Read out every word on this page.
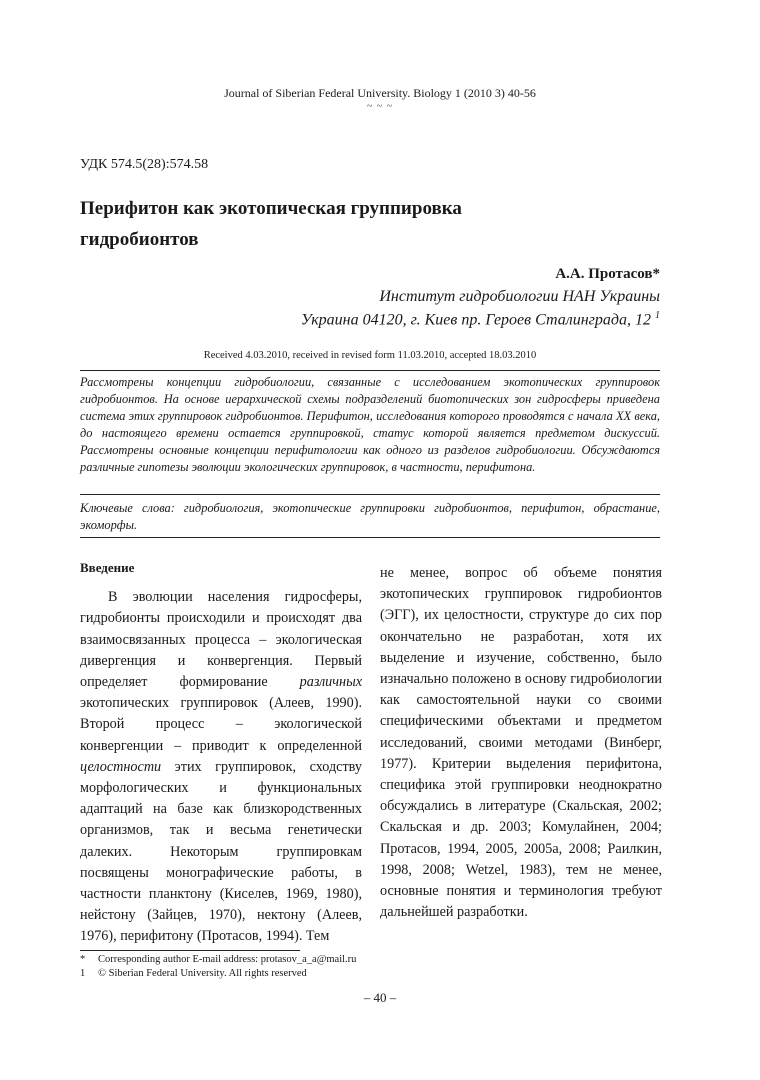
Journal of Siberian Federal University. Biology 1 (2010 3) 40-56
~ ~ ~
УДК 574.5(28):574.58
Перифитон как экотопическая группировка
гидробионтов
А.А. Протасов*
Институт гидробиологии НАН Украины
Украина 04120, г. Киев пр. Героев Сталинграда, 12 $^1$
Received 4.03.2010, received in revised form 11.03.2010, accepted 18.03.2010
Рассмотрены концепции гидробиологии, связанные с исследованием экотопических группировок гидробионтов. На основе иерархической схемы подразделений биотопических зон гидросферы приведена система этих группировок гидробионтов. Перифитон, исследования которого проводятся с начала XX века, до настоящего времени остается группировкой, статус которой является предметом дискуссий. Рассмотрены основные концепции перифитологии как одного из разделов гидробиологии. Обсуждаются различные гипотезы эволюции экологических группировок, в частности, перифитона.
Ключевые слова: гидробиология, экотопические группировки гидробионтов, перифитон, обрастание, экоморфы.

Введение

В эволюции населения гидросферы, гидробионты происходили и происходят два взаимосвязанных процесса – экологическая дивергенция и конвергенция. Первый определяет формирование различных экотопических группировок (Алеев, 1990). Второй процесс – экологической конвергенции – приводит к определенной целостности этих группировок, сходству морфологических и функциональных адаптаций на базе как близкородственных организмов, так и весьма генетически далеких. Некоторым группировкам посвящены монографические работы, в частности планктону (Киселев, 1969, 1980), нейстону (Зайцев, 1970), нектону (Алеев, 1976), перифитону (Протасов, 1994). Тем

не менее, вопрос об объеме понятия экотопических группировок гидробионтов (ЭГГ), их целостности, структуре до сих пор окончательно не разработан, хотя их выделение и изучение, собственно, было изначально положено в основу гидробиологии как самостоятельной науки со своими специфическими объектами и предметом исследований, своими методами (Винберг, 1977). Критерии выделения перифитона, специфика этой группировки неоднократно обсуждались в литературе (Скальская, 2002; Скальская и др. 2003; Комулайнен, 2004; Протасов, 1994, 2005, 2005а, 2008; Раилкин, 1998, 2008; Wetzel, 1983), тем не менее, основные понятия и терминология требуют дальнейшей разработки.

*	Corresponding author E-mail address: protasov_a_a@mail.ru
1	© Siberian Federal University. All rights reserved
– 40 –
